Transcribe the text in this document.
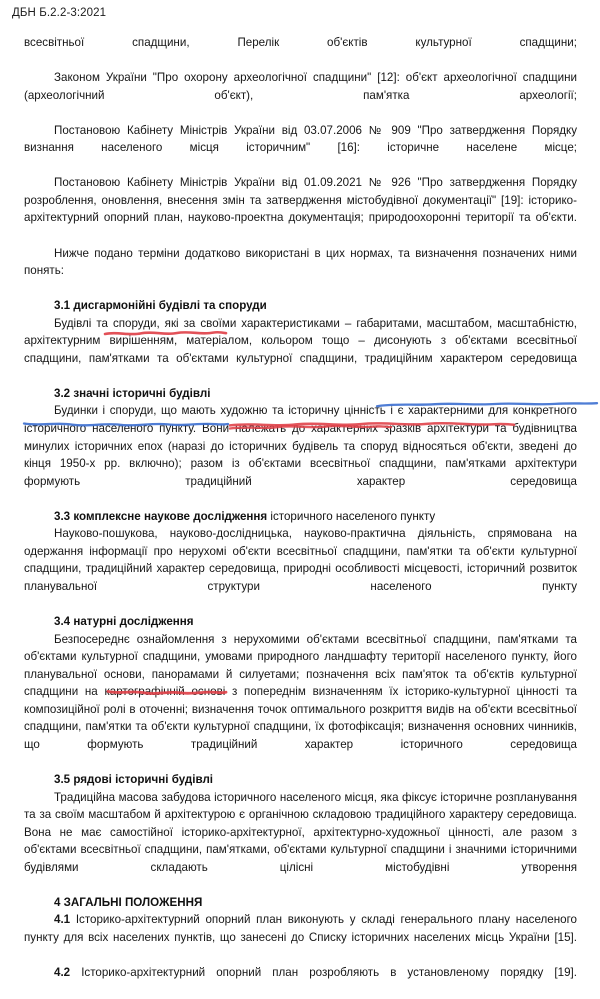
ДБН Б.2.2-3:2021

всесвітньої спадщини, Перелік об'єктів культурної спадщини;

Законом України "Про охорону археологічної спадщини" [12]: об'єкт археологічної спадщини (археологічний об'єкт), пам'ятка археології;

Постановою Кабінету Міністрів України від 03.07.2006 № 909 "Про затвердження Порядку визнання населеного місця історичним" [16]: історичне населене місце;

Постановою Кабінету Міністрів України від 01.09.2021 № 926 "Про затвердження Порядку розроблення, оновлення, внесення змін та затвердження містобудівної документації" [19]: історико-архітектурний опорний план, науково-проектна документація; природоохоронні території та об'єкти.

Нижче подано терміни додатково використані в цих нормах, та визначення позначених ними понять:

3.1 дисгармонійні будівлі та споруди

Будівлі та споруди, які за своїми характеристиками – габаритами, масштабом, масштабністю, архітектурним вирішенням, матеріалом, кольором тощо – дисонують з об'єктами всесвітньої спадщини, пам'ятками та об'єктами культурної спадщини, традиційним характером середовища

3.2 значні історичні будівлі

Будинки і споруди, що мають художню та історичну цінність і є характерними для конкретного історичного населеного пункту. Вони належать до характерних зразків архітектури та будівництва минулих історичних епох (наразі до історичних будівель та споруд відносяться об'єкти, зведені до кінця 1950-х рр. включно); разом із об'єктами всесвітньої спадщини, пам'ятками архітектури формують традиційний характер середовища

3.3 комплексне наукове дослідження історичного населеного пункту

Науково-пошукова, науково-дослідницька, науково-практична діяльність, спрямована на одержання інформації про нерухомі об'єкти всесвітньої спадщини, пам'ятки та об'єкти культурної спадщини, традиційний характер середовища, природні особливості місцевості, історичний розвиток планувальної структури населеного пункту

3.4 натурні дослідження

Безпосереднє ознайомлення з нерухомими об'єктами всесвітньої спадщини, пам'ятками та об'єктами культурної спадщини, умовами природного ландшафту території населеного пункту, його планувальної основи, панорамами й силуетами; позначення всіх пам'яток та об'єктів культурної спадщини на картографічній основі з попереднім визначенням їх історико-культурної цінності та композиційної ролі в оточенні; визначення точок оптимального розкриття видів на об'єкти всесвітньої спадщини, пам'ятки та об'єкти культурної спадщини, їх фотофіксація; визначення основних чинників, що формують традиційний характер історичного середовища

3.5 рядові історичні будівлі

Традиційна масова забудова історичного населеного місця, яка фіксує історичне розпланування та за своїм масштабом й архітектурою є органічною складовою традиційного характеру середовища. Вона не має самостійної історико-архітектурної, архітектурно-художньої цінності, але разом з об'єктами всесвітньої спадщини, пам'ятками, об'єктами культурної спадщини і значними історичними будівлями складають цілісні містобудівні утворення

4 ЗАГАЛЬНІ ПОЛОЖЕННЯ

4.1 Історико-архітектурний опорний план виконують у складі генерального плану населеного пункту для всіх населених пунктів, що занесені до Списку історичних населених місць України [15].

4.2 Історико-архітектурний опорний план розробляють в установленому порядку [19].
